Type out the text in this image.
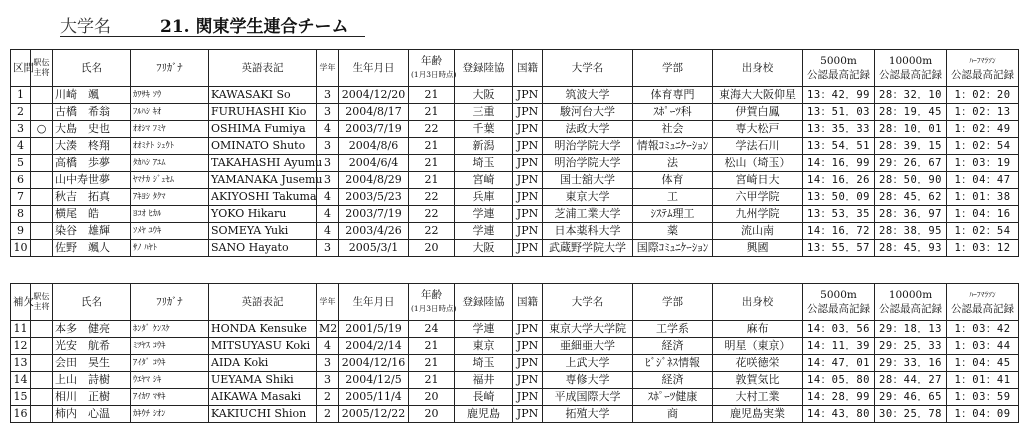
大学名	21. 関東学生連合チーム
区間	駅伝
主将	氏名	ﾌﾘｶﾞﾅ	英語表記	学年	生年月日	年齢
(1月3日時点)	登録陸協	国籍	大学名	学部	出身校	5000m
公認最高記録	10000m
公認最高記録	ﾊｰﾌﾏﾗｿﾝ
公認最高記録

1		川崎　颯	ｶﾜｻｷ ｿｳ	KAWASAKI So	3	2004/12/20	21	大阪	JPN	筑波大学	体育専門	東海大大阪仰星	13：42．99	28：32．10	1：02：20
2		古橋　希翁	ﾌﾙﾊｼ ｷｵ	FURUHASHI Kio	3	2004/8/17	21	三重	JPN	駿河台大学	ｽﾎﾟｰﾂ科	伊賀白鳳	13：51．03	28：19．45	1：02：13
3	○	大島　史也	ｵｵｼﾏ ﾌﾐﾔ	OSHIMA Fumiya	4	2003/7/19	22	千葉	JPN	法政大学	社会	専大松戸	13：35．33	28：10．01	1：02：49
4		大湊　柊翔	ｵｵﾐﾅﾄ ｼｭｳﾄ	OMINATO Shuto	3	2004/8/6	21	新潟	JPN	明治学院大学	情報ｺﾐｭﾆｹｰｼｮﾝ	学法石川	13：54．51	28：39．15	1：02：54
5		高橋　歩夢	ﾀｶﾊｼ ｱﾕﾑ	TAKAHASHI Ayumu	3	2004/6/4	21	埼玉	JPN	明治学院大学	法	松山（埼玉）	14：16．99	29：26．67	1：03：19
6		山中寿世夢	ﾔﾏﾅｶ ｼﾞｭｾﾑ	YAMANAKA Jusemu	3	2004/8/29	21	宮崎	JPN	国士舘大学	体育	宮崎日大	14：16．26	28：50．90	1：04：47
7		秋吉　拓真	ｱｷﾖｼ ﾀｸﾏ	AKIYOSHI Takuma	4	2003/5/23	22	兵庫	JPN	東京大学	工	六甲学院	13：50．09	28：45．62	1：01：38
8		横尾　皓	ﾖｺｵ ﾋｶﾙ	YOKO Hikaru	4	2003/7/19	22	学連	JPN	芝浦工業大学	ｼｽﾃﾑ理工	九州学院	13：53．35	28：36．97	1：04：16
9		染谷　雄輝	ｿﾒﾔ ﾕｳｷ	SOMEYA Yuki	4	2003/4/26	22	学連	JPN	日本薬科大学	薬	流山南	14：16．72	28：38．95	1：02：54
10		佐野　颯人	ｻﾉ ﾊﾔﾄ	SANO Hayato	3	2005/3/1	20	大阪	JPN	武蔵野学院大学	国際ｺﾐｭﾆｹｰｼｮﾝ	興國	13：55．57	28：45．93	1：03：12
補欠	駅伝
主将	氏名	ﾌﾘｶﾞﾅ	英語表記	学年	生年月日	年齢
(1月3日時点)	登録陸協	国籍	大学名	学部	出身校	5000m
公認最高記録	10000m
公認最高記録	ﾊｰﾌﾏﾗｿﾝ
公認最高記録

11		本多　健亮	ﾎﾝﾀﾞ ｹﾝｽｹ	HONDA Kensuke	M2	2001/5/19	24	学連	JPN	東京大学大学院	工学系	麻布	14：03．56	29：18．13	1：03：42
12		光安　航希	ﾐﾂﾔｽ ｺｳｷ	MITSUYASU Koki	4	2004/2/14	21	東京	JPN	亜細亜大学	経済	明星（東京）	14：11．39	29：25．33	1：03：44
13		会田　昊生	ｱｲﾀﾞ ｺｳｷ	AIDA Koki	3	2004/12/16	21	埼玉	JPN	上武大学	ﾋﾞｼﾞﾈｽ情報	花咲徳栄	14：47．01	29：33．16	1：04：45
14		上山　詩樹	ｳｴﾔﾏ ｼｷ	UEYAMA Shiki	3	2004/12/5	21	福井	JPN	専修大学	経済	敦賀気比	14：05．80	28：44．27	1：01：41
15		相川　正樹	ｱｲｶﾜ ﾏｻｷ	AIKAWA Masaki	2	2005/11/4	20	長崎	JPN	平成国際大学	ｽﾎﾟｰﾂ健康	大村工業	14：28．99	29：46．65	1：03：59
16		柿内　心温	ｶｷｳﾁ ｼｵﾝ	KAKIUCHI Shion	2	2005/12/22	20	鹿児島	JPN	拓殖大学	商	鹿児島実業	14：43．80	30：25．78	1：04：09
